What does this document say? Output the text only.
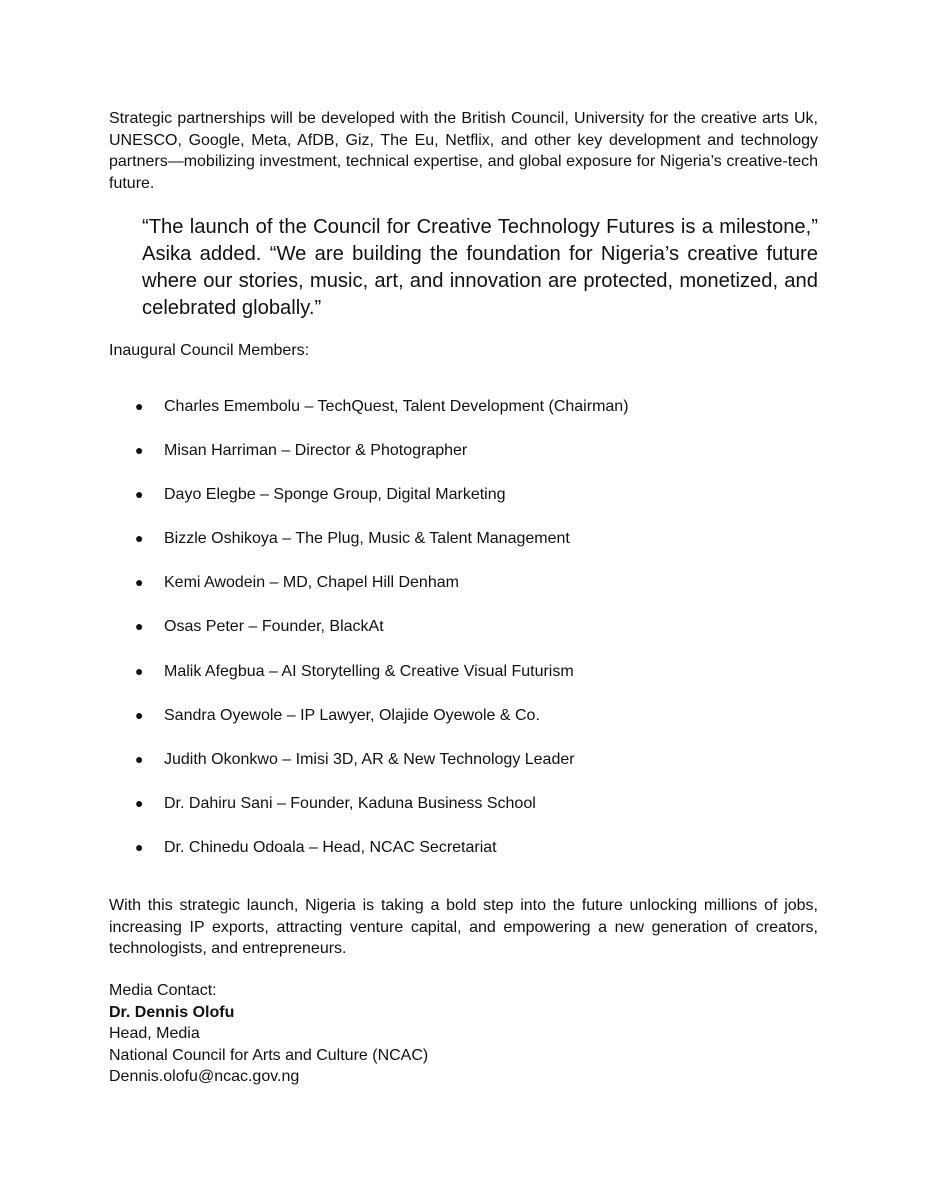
Strategic partnerships will be developed with the British Council, University for the creative arts Uk, UNESCO, Google, Meta, AfDB, Giz, The Eu, Netflix, and other key development and technology partners—mobilizing investment, technical expertise, and global exposure for Nigeria’s creative-tech future.

“The launch of the Council for Creative Technology Futures is a milestone,” Asika added. “We are building the foundation for Nigeria’s creative future where our stories, music, art, and innovation are protected, monetized, and celebrated globally.”

Inaugural Council Members:

● Charles Emembolu – TechQuest, Talent Development (Chairman)
● Misan Harriman – Director & Photographer
● Dayo Elegbe – Sponge Group, Digital Marketing
● Bizzle Oshikoya – The Plug, Music & Talent Management
● Kemi Awodein – MD, Chapel Hill Denham
● Osas Peter – Founder, BlackAt
● Malik Afegbua – AI Storytelling & Creative Visual Futurism
● Sandra Oyewole – IP Lawyer, Olajide Oyewole & Co.
● Judith Okonkwo – Imisi 3D, AR & New Technology Leader
● Dr. Dahiru Sani – Founder, Kaduna Business School
● Dr. Chinedu Odoala – Head, NCAC Secretariat

With this strategic launch, Nigeria is taking a bold step into the future unlocking millions of jobs, increasing IP exports, attracting venture capital, and empowering a new generation of creators, technologists, and entrepreneurs.

Media Contact:
Dr. Dennis Olofu
Head, Media
National Council for Arts and Culture (NCAC)
Dennis.olofu@ncac.gov.ng
